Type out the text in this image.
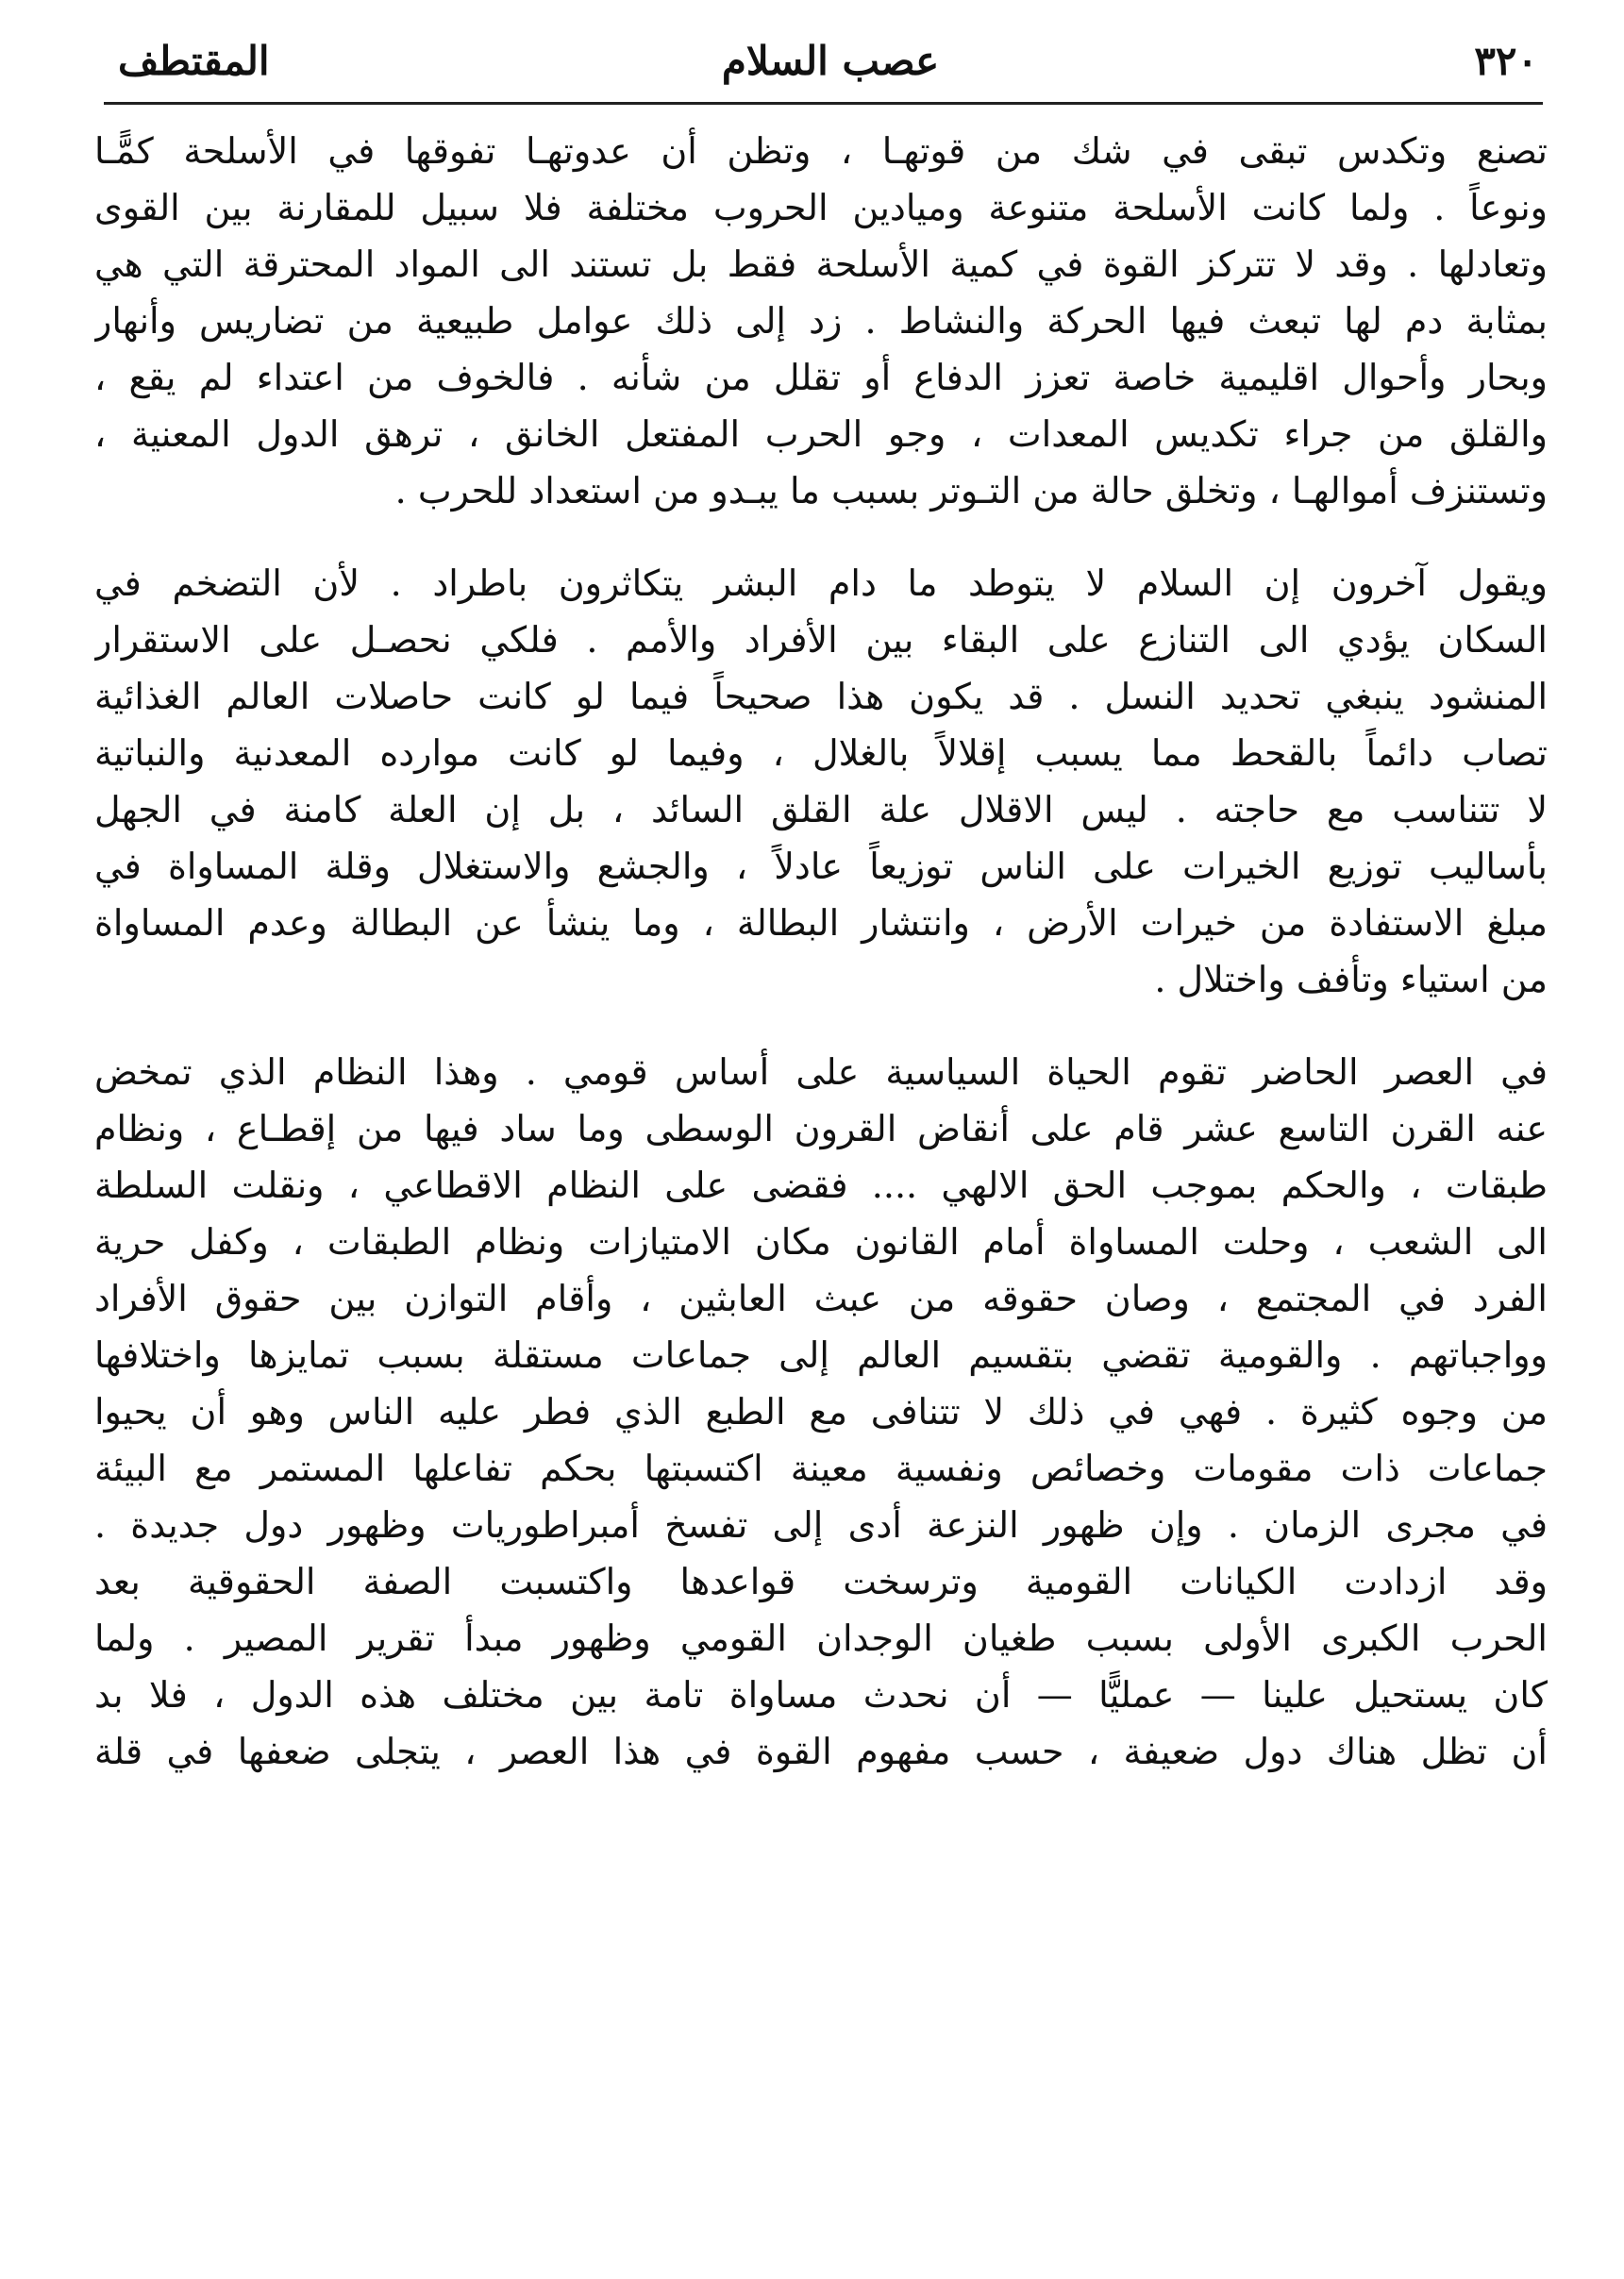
٣٢٠
عصب السلام
المقتطف
تصنع وتكدس تبقى في شك من قوتهـا ، وتظن أن عدوتهـا تفوقها في الأسلحة كمًّـا
ونوعاً . ولما كانت الأسلحة متنوعة وميادين الحروب مختلفة فلا سبيل للمقارنة بين القوى
وتعادلها . وقد لا تتركز القوة في كمية الأسلحة فقط بل تستند الى المواد المحترقة التي هي
بمثابة دم لها تبعث فيها الحركة والنشاط . زد إلى ذلك عوامل طبيعية من تضاريس وأنهار
وبحار وأحوال اقليمية خاصة تعزز الدفاع أو تقلل من شأنه . فالخوف من اعتداء لم يقع ،
والقلق من جراء تكديس المعدات ، وجو الحرب المفتعل الخانق ، ترهق الدول المعنية ،
وتستنزف أموالهـا ، وتخلق حالة من التـوتر بسبب ما يبـدو من استعداد للحرب .
ويقول آخرون إن السلام لا يتوطد ما دام البشر يتكاثرون باطراد . لأن التضخم في
السكان يؤدي الى التنازع على البقاء بين الأفراد والأمم . فلكي نحصـل على الاستقرار
المنشود ينبغي تحديد النسل . قد يكون هذا صحيحاً فيما لو كانت حاصلات العالم الغذائية
تصاب دائماً بالقحط مما يسبب إقلالاً بالغلال ، وفيما لو كانت موارده المعدنية والنباتية
لا تتناسب مع حاجته . ليس الاقلال علة القلق السائد ، بل إن العلة كامنة في الجهل
بأساليب توزيع الخيرات على الناس توزيعاً عادلاً ، والجشع والاستغلال وقلة المساواة في
مبلغ الاستفادة من خيرات الأرض ، وانتشار البطالة ، وما ينشأ عن البطالة وعدم المساواة
من استياء وتأفف واختلال .
في العصر الحاضر تقوم الحياة السياسية على أساس قومي . وهذا النظام الذي تمخض
عنه القرن التاسع عشر قام على أنقاض القرون الوسطى وما ساد فيها من إقطـاع ، ونظام
طبقات ، والحكم بموجب الحق الالهي .... فقضى على النظام الاقطاعي ، ونقلت السلطة
الى الشعب ، وحلت المساواة أمام القانون مكان الامتيازات ونظام الطبقات ، وكفل حرية
الفرد في المجتمع ، وصان حقوقه من عبث العابثين ، وأقام التوازن بين حقوق الأفراد
وواجباتهم . والقومية تقضي بتقسيم العالم إلى جماعات مستقلة بسبب تمايزها واختلافها
من وجوه كثيرة . فهي في ذلك لا تتنافى مع الطبع الذي فطر عليه الناس وهو أن يحيوا
جماعات ذات مقومات وخصائص ونفسية معينة اكتسبتها بحكم تفاعلها المستمر مع البيئة
في مجرى الزمان . وإن ظهور النزعة أدى إلى تفسخ أمبراطوريات وظهور دول جديدة .
وقد ازدادت الكيانات القومية وترسخت قواعدها واكتسبت الصفة الحقوقية بعد
الحرب الكبرى الأولى بسبب طغيان الوجدان القومي وظهور مبدأ تقرير المصير . ولما
كان يستحيل علينا — عمليًّا — أن نحدث مساواة تامة بين مختلف هذه الدول ، فلا بد
أن تظل هناك دول ضعيفة ، حسب مفهوم القوة في هذا العصر ، يتجلى ضعفها في قلة
